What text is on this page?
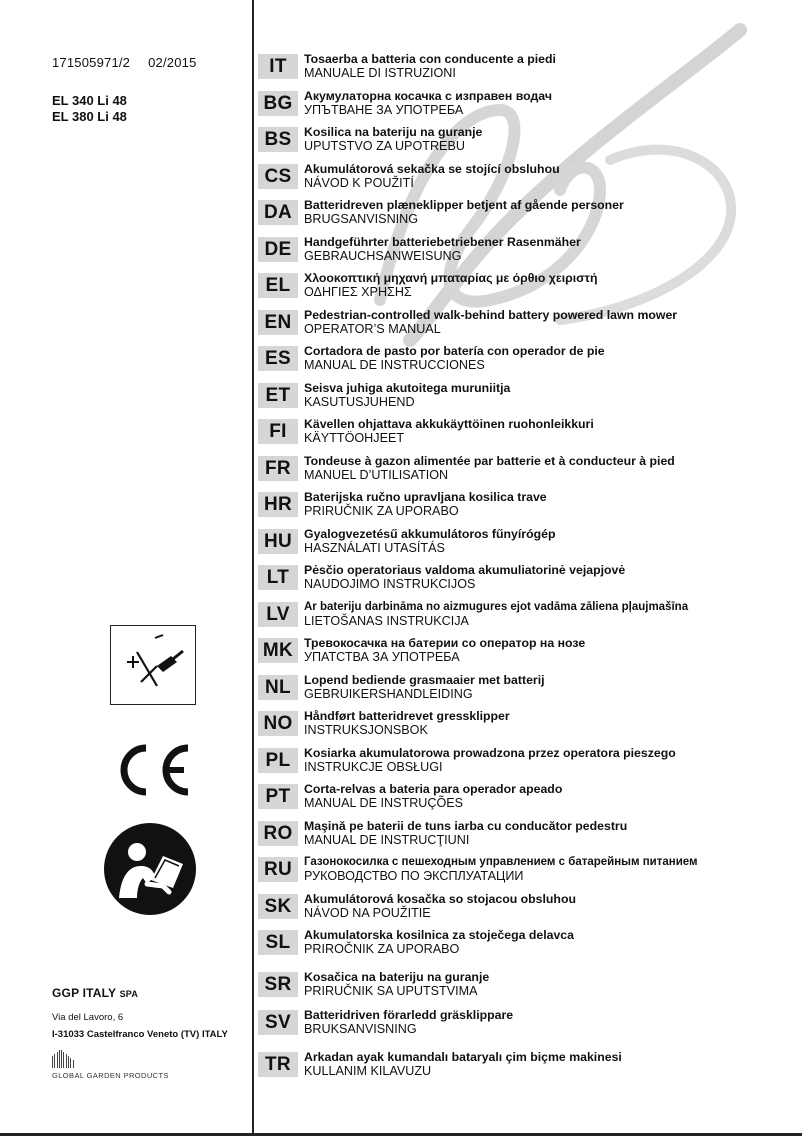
171505971/2 02/2015
EL 340 Li 48
EL 380 Li 48
GGP ITALY SPA
Via del Lavoro, 6
I-31033 Castelfranco Veneto (TV) ITALY
GLOBAL GARDEN PRODUCTS
IT	Tosaerba a batteria con conducente a piedi
MANUALE DI ISTRUZIONI
BG Акумулаторна косачка с изправен водач
УПЪТВАНЕ ЗА УПОТРЕБА
BS	Kosilica na bateriju na guranje
UPUTSTVO ZA UPOTREBU
CS	Akumulátorová sekačka se stojící obsluhou
NÁVOD K POUŽITÍ
DA Batteridreven plæneklipper betjent af gående personer
BRUGSANVISNING
DE	Handgeführter batteriebetriebener Rasenmäher
GEBRAUCHSANWEISUNG
EL	Χλοοκοπτική μηχανή μπαταρίας με όρθιο χειριστή
ΟΔΗΓΙΕΣ ΧΡΗΣΗΣ
EN	Pedestrian-controlled walk-behind battery powered lawn mower
OPERATOR’S MANUAL
ES	Cortadora de pasto por batería con operador de pie
MANUAL DE INSTRUCCIONES
ET	Seisva juhiga akutoitega muruniitja
KASUTUSJUHEND
FI	Kävellen ohjattava akkukäyttöinen ruohonleikkuri
KÄYTTÖOHJEET
FR	Tondeuse à gazon alimentée par batterie et à conducteur à pied
MANUEL D’UTILISATION
HR Baterijska ručno upravljana kosilica trave
PRIRUČNIK ZA UPORABO
HU Gyalogvezetésű akkumulátoros fűnyírógép
HASZNÁLATI UTASÍTÁS
LT	Pėsčio operatoriaus valdoma akumuliatorinė vejapjovė
NAUDOJIMO INSTRUKCIJOS
LV	Ar bateriju darbināma no aizmugures ejot vadāma zāliena pļaujmašīna
LIETOŠANAS INSTRUKCIJA
MK Тревокосачка на батерии со оператор на нозе
УПАТСТВА ЗА УПОТРЕБА
NL	Lopend bediende grasmaaier met batterij
GEBRUIKERSHANDLEIDING
NO Håndført batteridrevet gressklipper
INSTRUKSJONSBOK
PL	Kosiarka akumulatorowa prowadzona przez operatora pieszego
INSTRUKCJE OBSŁUGI
PT	Corta-relvas a bateria para operador apeado
MANUAL DE INSTRUÇÕES
RO Maşină pe baterii de tuns iarba cu conducător pedestru
MANUAL DE INSTRUCŢIUNI
RU	Газонокосилка с пешеходным управлением с батарейным питанием
РУКОВОДСТВО ПО ЭКСПЛУАТАЦИИ
SK	Akumulátorová kosačka so stojacou obsluhou
NÁVOD NA POUŽITIE
SL	Akumulatorska kosilnica za stoječega delavca
PRIROČNIK ZA UPORABO
SR	Kosačica na bateriju na guranje
PRIRUČNIK SA UPUTSTVIMA
SV	Batteridriven förarledd gräsklippare
BRUKSANVISNING
TR	Arkadan ayak kumandalı bataryalı çim biçme makinesi
KULLANIM KILAVUZU
